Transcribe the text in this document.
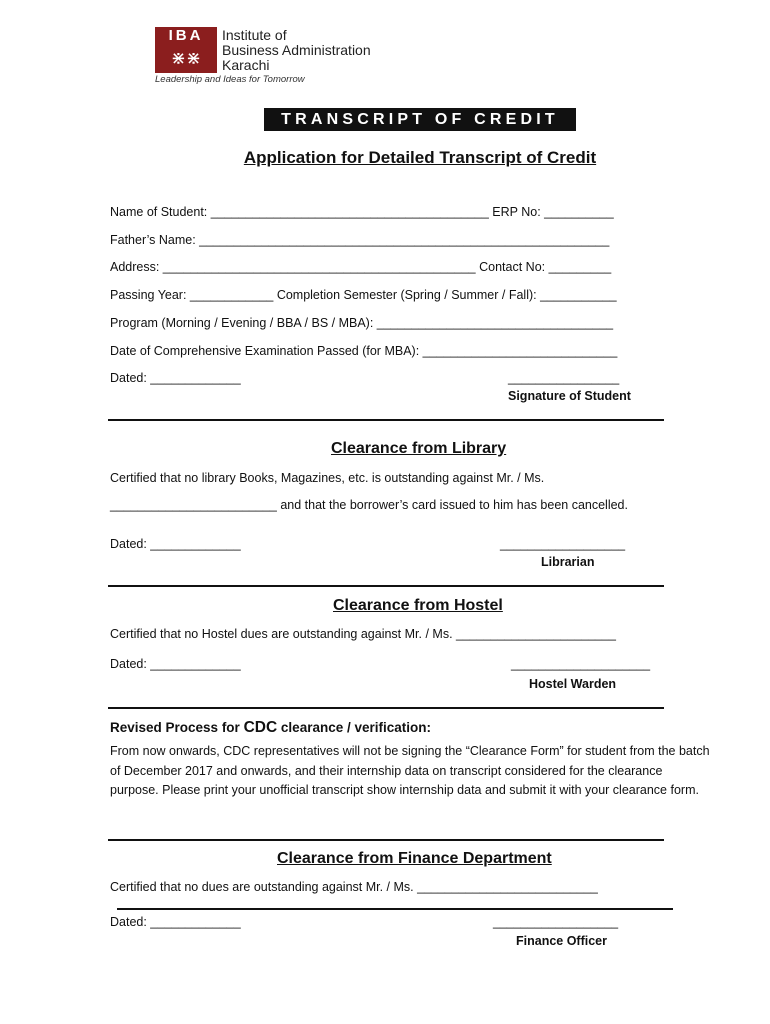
IBA
⋇⋇
Institute of
Business Administration
Karachi
Leadership and Ideas for Tomorrow
TRANSCRIPT OF CREDIT
Application for Detailed Transcript of Credit
Name of Student: ________________________________________ ERP No: __________
Father’s Name: ___________________________________________________________
Address: _____________________________________________ Contact No: _________
Passing Year: ____________ Completion Semester (Spring / Summer / Fall): ___________
Program (Morning / Evening / BBA / BS / MBA): __________________________________
Date of Comprehensive Examination Passed (for MBA): ____________________________
Dated: _____________	________________
Signature of Student
Clearance from Library
Certified that no library Books, Magazines, etc. is outstanding against Mr. / Ms.
________________________ and that the borrower’s card issued to him has been cancelled.
Dated: _____________	__________________
Librarian
Clearance from Hostel
Certified that no Hostel dues are outstanding against Mr. / Ms. _______________________
Dated: _____________	____________________
Hostel Warden
Revised Process for CDC clearance / verification:
From now onwards, CDC representatives will not be signing the “Clearance Form” for student from the batch of December 2017 and onwards, and their internship data on transcript considered for the clearance purpose. Please print your unofficial transcript show internship data and submit it with your clearance form.
Clearance from Finance Department
Certified that no dues are outstanding against Mr. / Ms. __________________________
Dated: _____________	__________________
Finance Officer
